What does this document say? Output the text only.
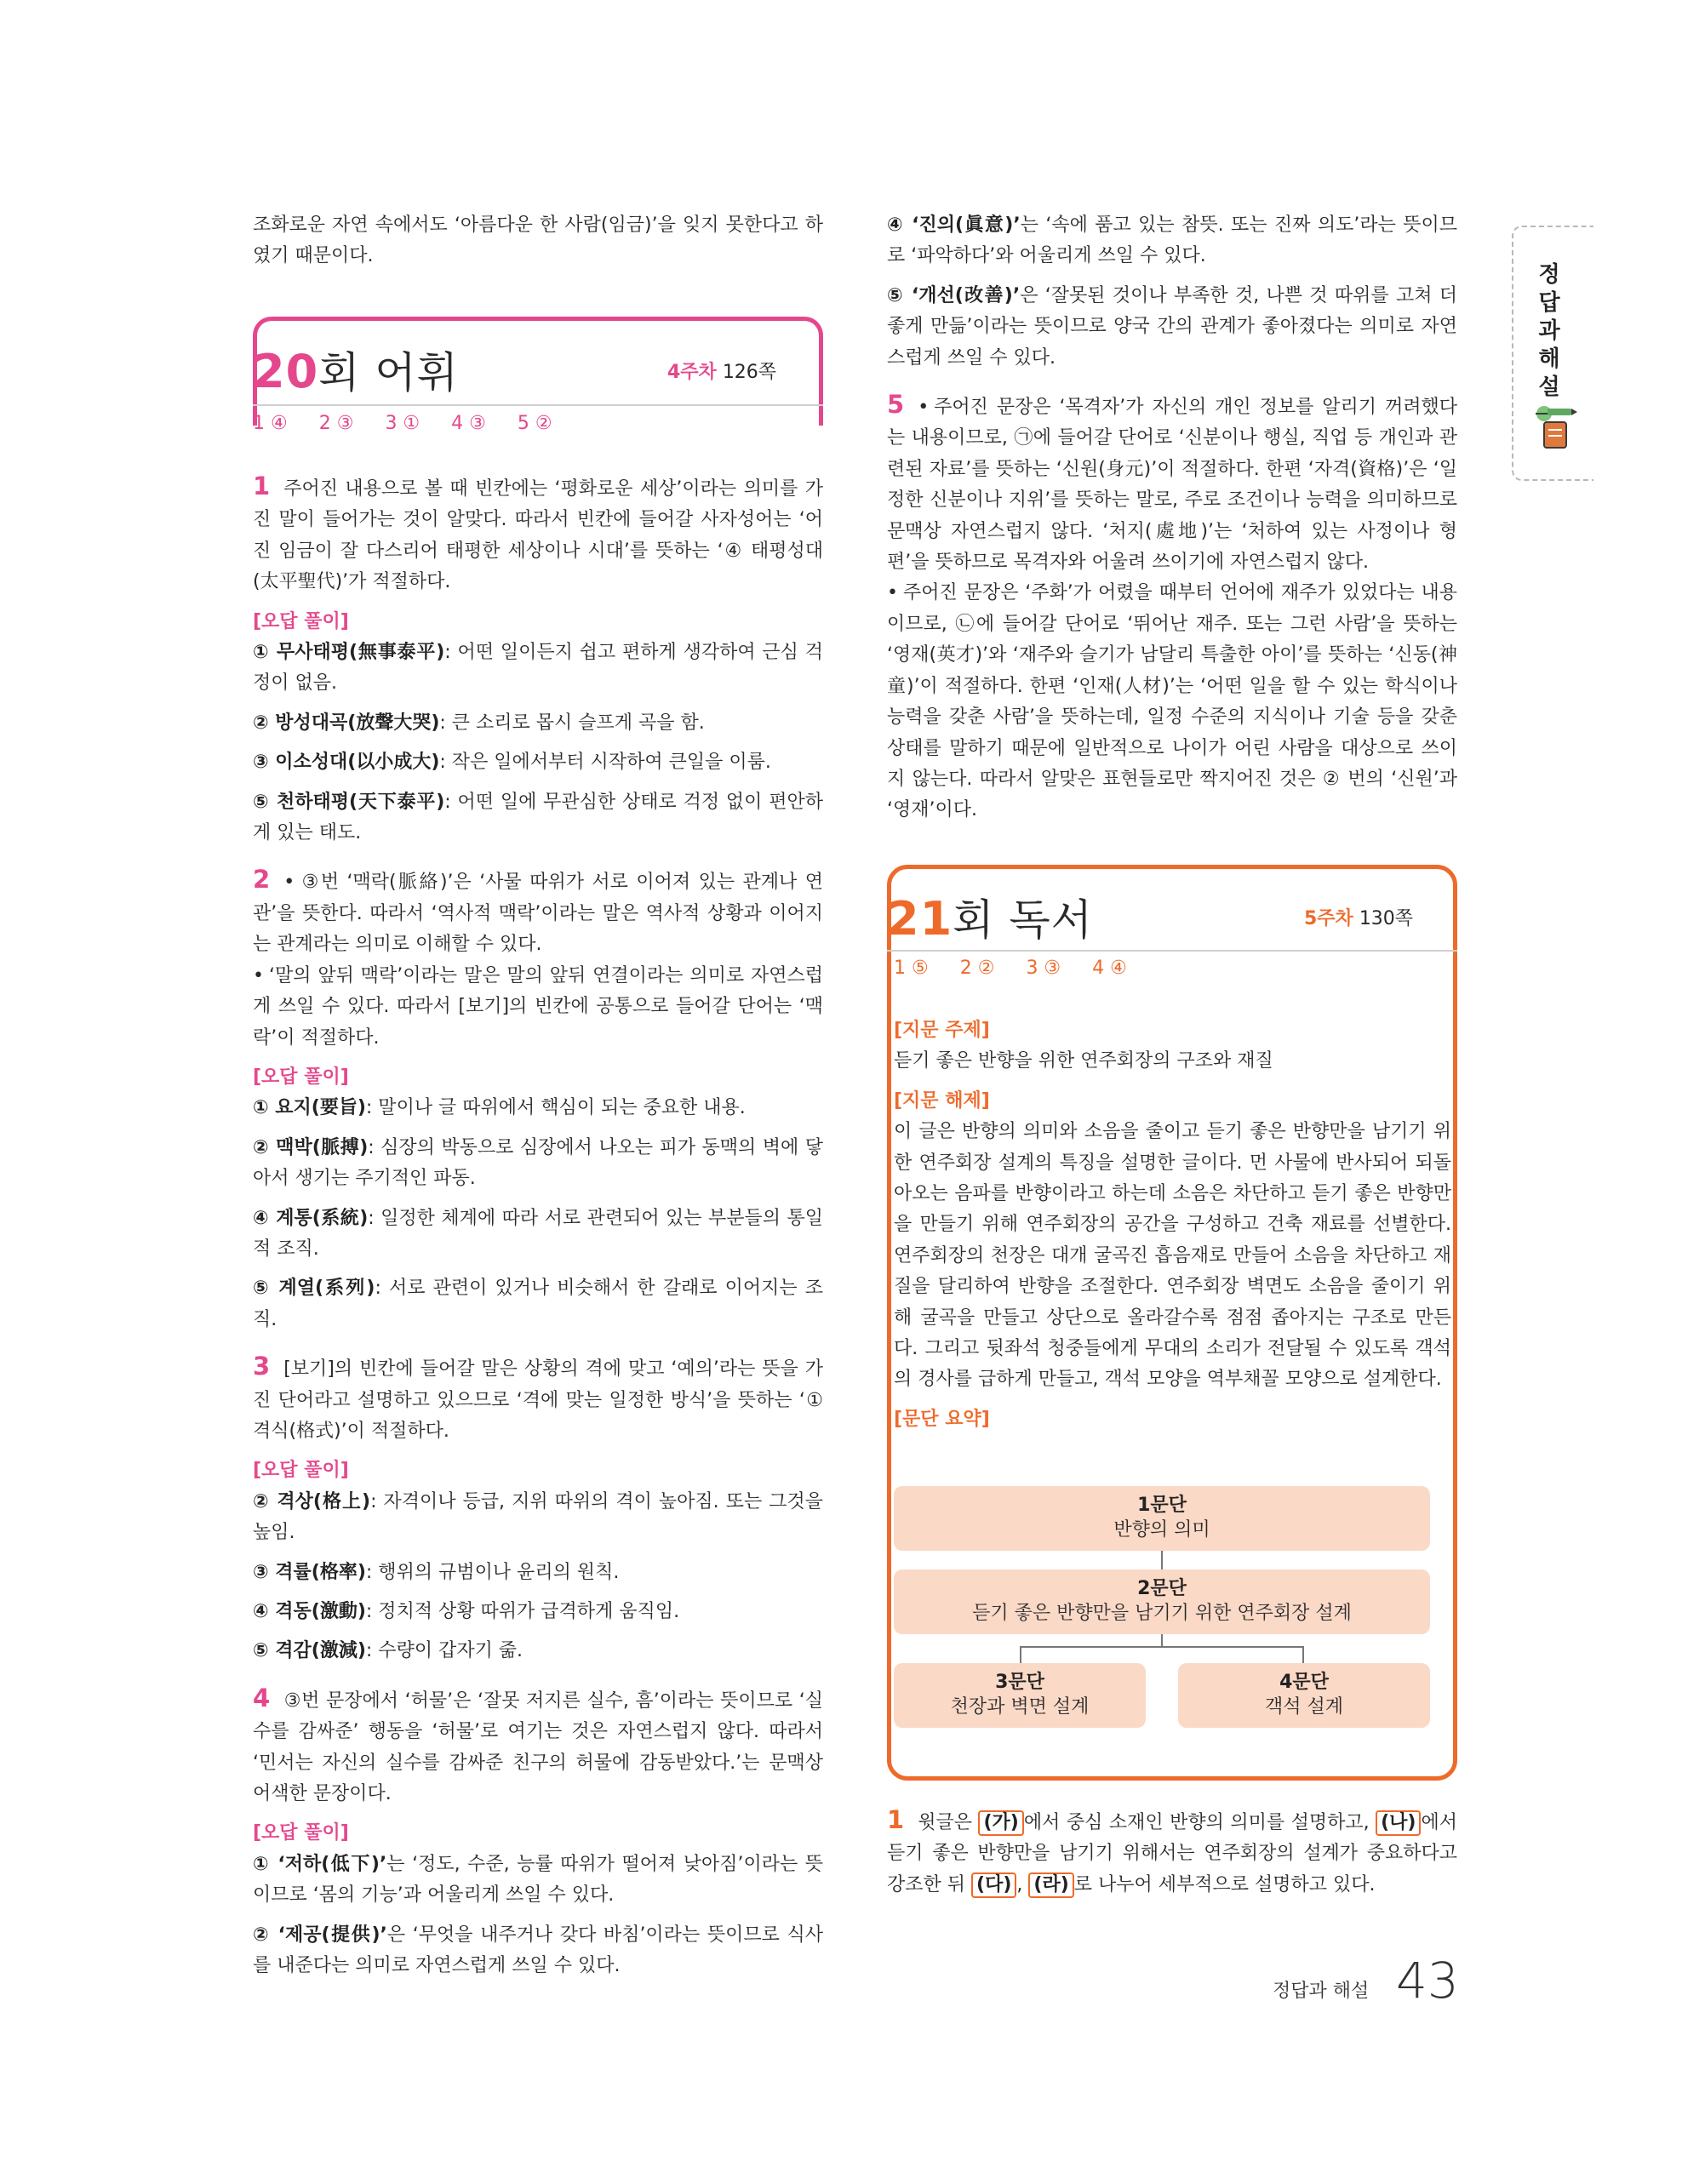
조화로운 자연 속에서도 ‘아름다운 한 사람(임금)’을 잊지 못한다고 하였기 때문이다.

20회 어휘	4주차 126쪽
1 ④ 2 ③ 3 ① 4 ③ 5 ②

1 주어진 내용으로 볼 때 빈칸에는 ‘평화로운 세상’이라는 의미를 가진 말이 들어가는 것이 알맞다. 따라서 빈칸에 들어갈 사자성어는 ‘어진 임금이 잘 다스리어 태평한 세상이나 시대’를 뜻하는 ‘④ 태평성대(太平聖代)’가 적절하다.

[오답 풀이]

① 무사태평(無事泰平): 어떤 일이든지 쉽고 편하게 생각하여 근심 걱정이 없음.

② 방성대곡(放聲大哭): 큰 소리로 몹시 슬프게 곡을 함.

③ 이소성대(以小成大): 작은 일에서부터 시작하여 큰일을 이룸.

⑤ 천하태평(天下泰平): 어떤 일에 무관심한 상태로 걱정 없이 편안하게 있는 태도.

2 • ③번 ‘맥락(脈絡)’은 ‘사물 따위가 서로 이어져 있는 관계나 연관’을 뜻한다. 따라서 ‘역사적 맥락’이라는 말은 역사적 상황과 이어지는 관계라는 의미로 이해할 수 있다.

• ‘말의 앞뒤 맥락’이라는 말은 말의 앞뒤 연결이라는 의미로 자연스럽게 쓰일 수 있다. 따라서 [보기]의 빈칸에 공통으로 들어갈 단어는 ‘맥락’이 적절하다.

[오답 풀이]

① 요지(要旨): 말이나 글 따위에서 핵심이 되는 중요한 내용.

② 맥박(脈搏): 심장의 박동으로 심장에서 나오는 피가 동맥의 벽에 닿아서 생기는 주기적인 파동.

④ 계통(系統): 일정한 체계에 따라 서로 관련되어 있는 부분들의 통일적 조직.

⑤ 계열(系列): 서로 관련이 있거나 비슷해서 한 갈래로 이어지는 조직.

3 [보기]의 빈칸에 들어갈 말은 상황의 격에 맞고 ‘예의’라는 뜻을 가진 단어라고 설명하고 있으므로 ‘격에 맞는 일정한 방식’을 뜻하는 ‘① 격식(格式)’이 적절하다.

[오답 풀이]

② 격상(格上): 자격이나 등급, 지위 따위의 격이 높아짐. 또는 그것을 높임.

③ 격률(格率): 행위의 규범이나 윤리의 원칙.

④ 격동(激動): 정치적 상황 따위가 급격하게 움직임.

⑤ 격감(激減): 수량이 갑자기 줆.

4 ③번 문장에서 ‘허물’은 ‘잘못 저지른 실수, 흠’이라는 뜻이므로 ‘실수를 감싸준’ 행동을 ‘허물’로 여기는 것은 자연스럽지 않다. 따라서 ‘민서는 자신의 실수를 감싸준 친구의 허물에 감동받았다.’는 문맥상 어색한 문장이다.

[오답 풀이]

① ‘저하(低下)’는 ‘정도, 수준, 능률 따위가 떨어져 낮아짐’이라는 뜻이므로 ‘몸의 기능’과 어울리게 쓰일 수 있다.

② ‘제공(提供)’은 ‘무엇을 내주거나 갖다 바침’이라는 뜻이므로 식사를 내준다는 의미로 자연스럽게 쓰일 수 있다.

④ ‘진의(眞意)’는 ‘속에 품고 있는 참뜻. 또는 진짜 의도’라는 뜻이므로 ‘파악하다’와 어울리게 쓰일 수 있다.

⑤ ‘개선(改善)’은 ‘잘못된 것이나 부족한 것, 나쁜 것 따위를 고쳐 더 좋게 만듦’이라는 뜻이므로 양국 간의 관계가 좋아졌다는 의미로 자연스럽게 쓰일 수 있다.

5 • 주어진 문장은 ‘목격자’가 자신의 개인 정보를 알리기 꺼려했다는 내용이므로, ㉠에 들어갈 단어로 ‘신분이나 행실, 직업 등 개인과 관련된 자료’를 뜻하는 ‘신원(身元)’이 적절하다. 한편 ‘자격(資格)’은 ‘일정한 신분이나 지위’를 뜻하는 말로, 주로 조건이나 능력을 의미하므로 문맥상 자연스럽지 않다. ‘처지(處地)’는 ‘처하여 있는 사정이나 형편’을 뜻하므로 목격자와 어울려 쓰이기에 자연스럽지 않다.

• 주어진 문장은 ‘주화’가 어렸을 때부터 언어에 재주가 있었다는 내용이므로, ㉡에 들어갈 단어로 ‘뛰어난 재주. 또는 그런 사람’을 뜻하는 ‘영재(英才)’와 ‘재주와 슬기가 남달리 특출한 아이’를 뜻하는 ‘신동(神童)’이 적절하다. 한편 ‘인재(人材)’는 ‘어떤 일을 할 수 있는 학식이나 능력을 갖춘 사람’을 뜻하는데, 일정 수준의 지식이나 기술 등을 갖춘 상태를 말하기 때문에 일반적으로 나이가 어린 사람을 대상으로 쓰이지 않는다. 따라서 알맞은 표현들로만 짝지어진 것은 ② 번의 ‘신원’과 ‘영재’이다.

21회 독서	5주차 130쪽
1 ⑤ 2 ② 3 ③ 4 ④

[지문 주제]

듣기 좋은 반향을 위한 연주회장의 구조와 재질

[지문 해제]

이 글은 반향의 의미와 소음을 줄이고 듣기 좋은 반향만을 남기기 위한 연주회장 설계의 특징을 설명한 글이다. 먼 사물에 반사되어 되돌아오는 음파를 반향이라고 하는데 소음은 차단하고 듣기 좋은 반향만을 만들기 위해 연주회장의 공간을 구성하고 건축 재료를 선별한다. 연주회장의 천장은 대개 굴곡진 흡음재로 만들어 소음을 차단하고 재질을 달리하여 반향을 조절한다. 연주회장 벽면도 소음을 줄이기 위해 굴곡을 만들고 상단으로 올라갈수록 점점 좁아지는 구조로 만든다. 그리고 뒷좌석 청중들에게 무대의 소리가 전달될 수 있도록 객석의 경사를 급하게 만들고, 객석 모양을 역부채꼴 모양으로 설계한다.

[문단 요약]

1문단
반향의 의미
2문단
듣기 좋은 반향만을 남기기 위한 연주회장 설계
3문단
천장과 벽면 설계
4문단
객석 설계

1 윗글은 (가) 에서 중심 소재인 반향의 의미를 설명하고, (나) 에서 듣기 좋은 반향만을 남기기 위해서는 연주회장의 설계가 중요하다고 강조한 뒤 (다) , (라) 로 나누어 세부적으로 설명하고 있다.

정
답
과
해
설
정답과 해설 43
